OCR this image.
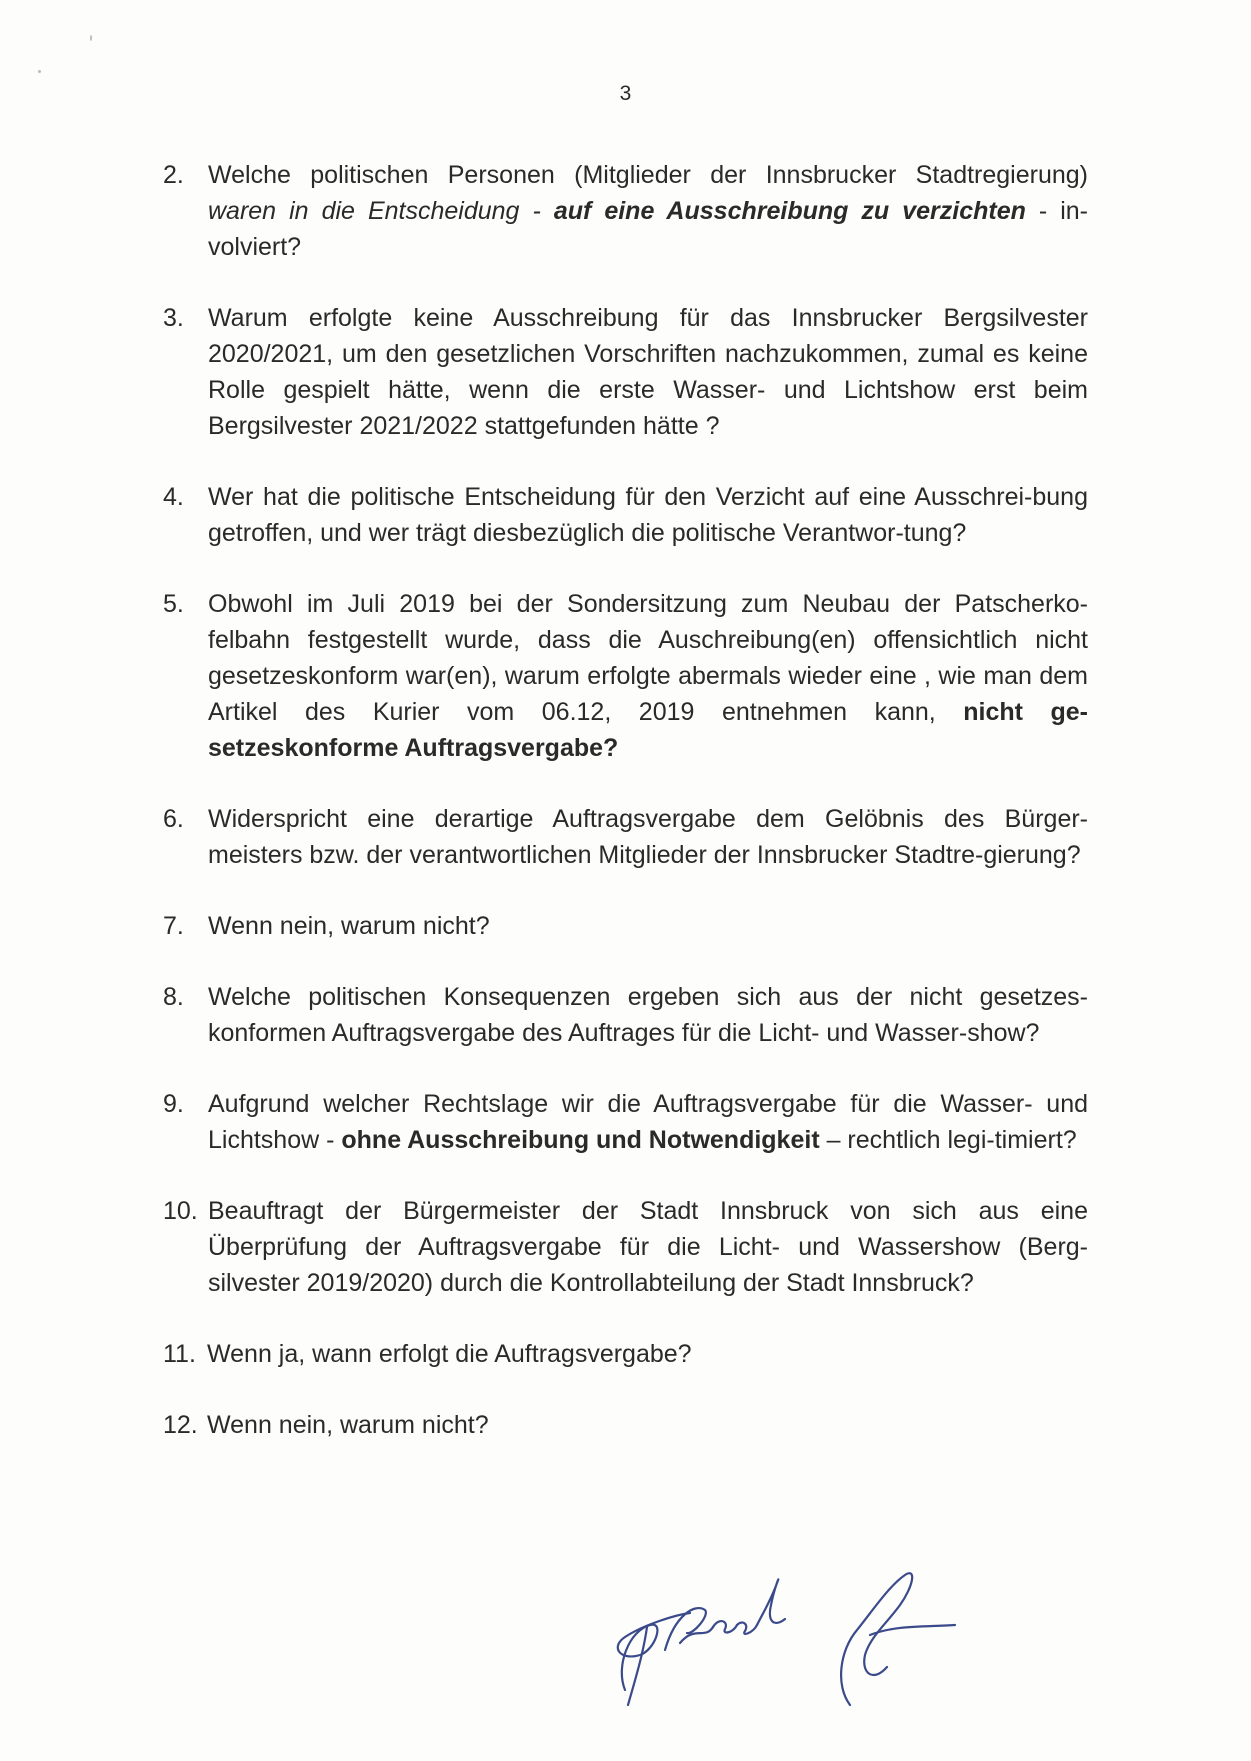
3
2. Welche politischen Personen (Mitglieder der Innsbrucker Stadtregierung) waren in die Entscheidung - auf eine Ausschreibung zu verzichten - in-volviert?
3. Warum erfolgte keine Ausschreibung für das Innsbrucker Bergsilvester 2020/2021, um den gesetzlichen Vorschriften nachzukommen, zumal es keine Rolle gespielt hätte, wenn die erste Wasser- und Lichtshow erst beim Bergsilvester 2021/2022 stattgefunden hätte ?
4. Wer hat die politische Entscheidung für den Verzicht auf eine Ausschrei-bung getroffen, und wer trägt diesbezüglich die politische Verantwor-tung?
5. Obwohl im Juli 2019 bei der Sondersitzung zum Neubau der Patscherko-felbahn festgestellt wurde, dass die Auschreibung(en) offensichtlich nicht gesetzeskonform war(en), warum erfolgte abermals wieder eine , wie man dem Artikel des Kurier vom 06.12, 2019 entnehmen kann, nicht ge-setzeskonforme Auftragsvergabe?
6. Widerspricht eine derartige Auftragsvergabe dem Gelöbnis des Bürger-meisters bzw. der verantwortlichen Mitglieder der Innsbrucker Stadtre-gierung?
7. Wenn nein, warum nicht?
8. Welche politischen Konsequenzen ergeben sich aus der nicht gesetzes-konformen Auftragsvergabe des Auftrages für die Licht- und Wasser-show?
9. Aufgrund welcher Rechtslage wir die Auftragsvergabe für die Wasser- und Lichtshow - ohne Ausschreibung und Notwendigkeit – rechtlich legi-timiert?
10. Beauftragt der Bürgermeister der Stadt Innsbruck von sich aus eine Überprüfung der Auftragsvergabe für die Licht- und Wassershow (Berg-silvester 2019/2020) durch die Kontrollabteilung der Stadt Innsbruck?
11. Wenn ja, wann erfolgt die Auftragsvergabe?
12. Wenn nein, warum nicht?
